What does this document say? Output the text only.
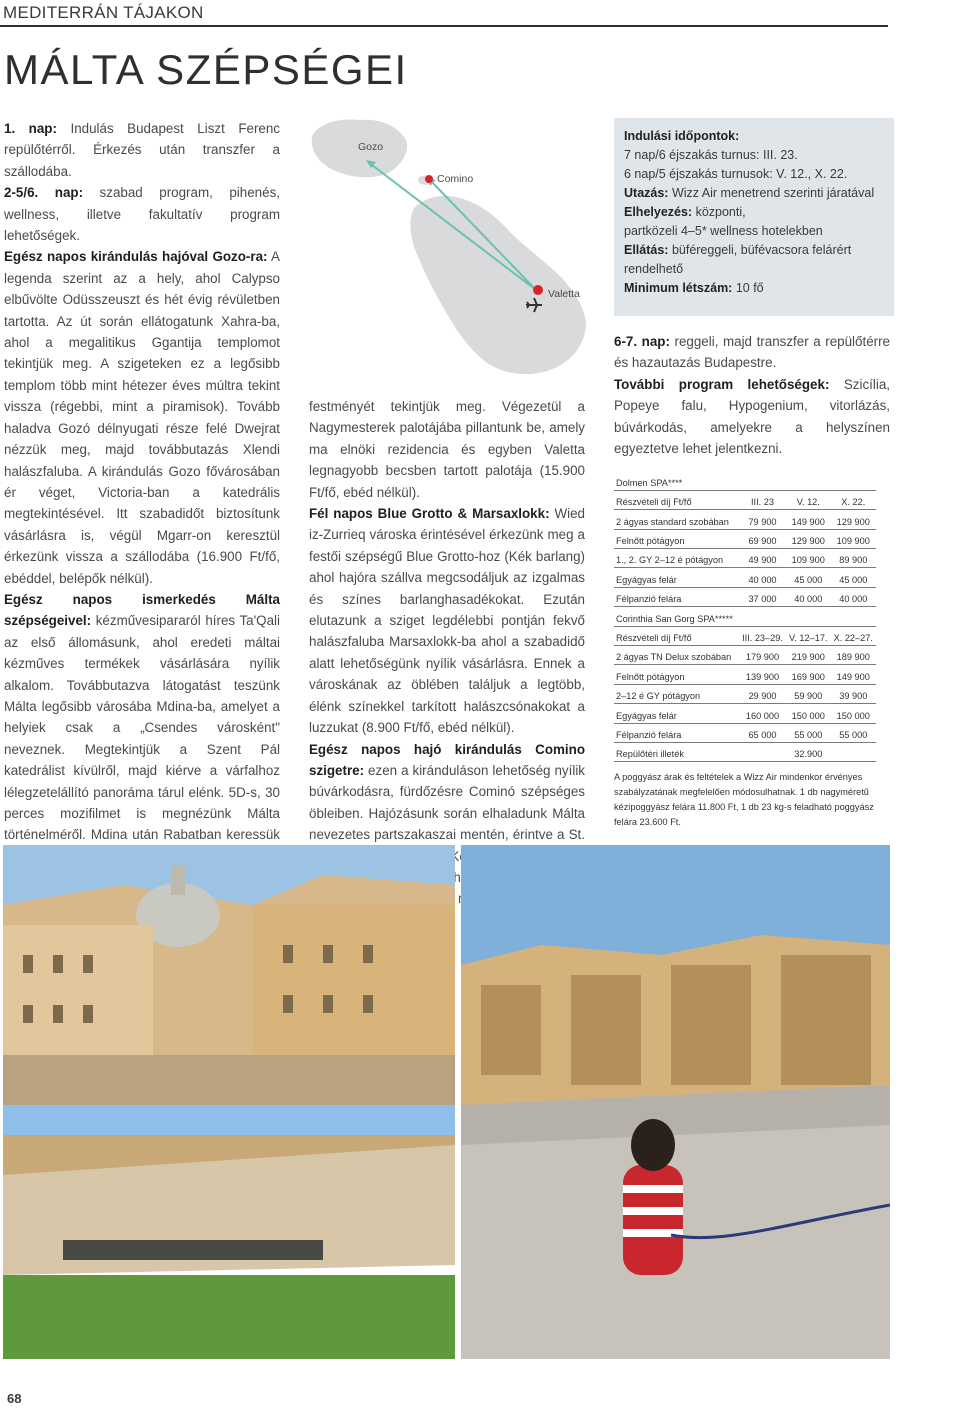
MEDITERRÁN TÁJAKON
MÁLTA SZÉPSÉGEI

1. nap: Indulás Budapest Liszt Ferenc repülőtérről. Érkezés után transzfer a szállodába.

2-5/6. nap: szabad program, pihenés, wellness, illetve fakultatív program lehetőségek.

Egész napos kirándulás hajóval Gozo-ra: A legenda szerint az a hely, ahol Calypso elbűvölte Odüsszeuszt és hét évig révületben tartotta. Az út során ellátogatunk Xahra-ba, ahol a megalitikus Ggantija templomot tekintjük meg. A szigeteken ez a legősibb templom több mint hétezer éves múltra tekint vissza (régebbi, mint a piramisok). Tovább haladva Gozó délnyugati része felé Dwejrat nézzük meg, majd továbbutazás Xlendi halászfaluba. A kirándulás Gozo fővárosában ér véget, Victoria-ban a katedrális megtekintésével. Itt szabadidőt biztosítunk vásárlásra is, végül Mgarr-on keresztül érkezünk vissza a szállodába (16.900 Ft/fő, ebéddel, belépők nélkül).

Egész napos ismerkedés Málta szépségeivel: kézművesipararól híres Ta'Qali az első állomásunk, ahol eredeti máltai kézműves termékek vásárlására nyílik alkalom. Továbbutazva látogatást teszünk Málta legősibb városába Mdina-ba, amelyet a helyiek csak a „Csendes városként" neveznek. Megtekintjük a Szent Pál katedrálist kívülről, majd kiérve a várfalhoz lélegzetelállító panoráma tárul elénk. 5D-s, 30 perces mozifilmet is megnézünk Málta történelméről. Mdina után Rabatban keressük

Gozo
Comino
Valetta

festményét tekintjük meg. Végezetül a Nagymesterek palotájába pillantunk be, amely ma elnöki rezidencia és egyben Valetta legnagyobb becsben tartott palotája (15.900 Ft/fő, ebéd nélkül).

Fél napos Blue Grotto & Marsaxlokk: Wied iz-Zurrieq városka érintésével érkezünk meg a festői szépségű Blue Grotto-hoz (Kék barlang) ahol hajóra szállva megcsodáljuk az izgalmas és színes barlanghasadékokat. Ezután elutazunk a sziget legdélebbi pontján fekvő halászfaluba Marsaxlokk-ba ahol a szabadidő alatt lehetőségünk nyílik vásárlásra. Ennek a városkának az öblében találjuk a legtöbb, élénk színekkel tarkított halászcsónakokat a luzzukat (8.900 Ft/fő, ebéd nélkül).

Egész napos hajó kirándulás Comino szigetre: ezen a kiránduláson lehetőség nyílik búvárkodásra, fürdőzésre Cominó szépséges öbleiben. Hajózásunk során elhaladunk Málta nevezetes partszakaszai mentén, érintve a St.

Indulási időpontok:
7 nap/6 éjszakás turnus: III. 23.
6 nap/5 éjszakás turnusok: V. 12., X. 22.
Utazás: Wizz Air menetrend szerinti járatával
Elhelyezés: központi,
partközeli 4–5* wellness hotelekben
Ellátás: büféreggeli, büfévacsora felárért
rendelhető
Minimum létszám: 10 fő

6-7. nap: reggeli, majd transzfer a repülőtérre és hazautazás Budapestre.

További program lehetőségek: Szicília, Popeye falu, Hypogenium, vitorlázás, búvárkodás, amelyekre a helyszínen egyeztetve lehet jelentkezni.

Dolmen SPA****			
Részvételi díj Ft/fő	III. 23	V. 12.	X. 22.
2 ágyas standard szobában	79 900	149 900	129 900
Felnőtt pótágyon	69 900	129 900	109 900
1., 2. GY 2–12 é pótágyon	49 900	109 900	89 900
Egyágyas felár	40 000	45 000	45 000
Félpanzió felára	37 000	40 000	40 000
Corinthia San Gorg SPA*****			
Részvételi díj Ft/fő	III. 23–29.	V. 12–17.	X. 22–27.
2 ágyas TN Delux szobában	179 900	219 900	189 900
Felnőtt pótágyon	139 900	169 900	149 900
2–12 é GY pótágyon	29 900	59 900	39 900
Egyágyas felár	160 000	150 000	150 000
Félpanzió felára	65 000	55 000	55 000
Repülőtéri illeték		32.900	
A poggyász árak és feltételek a Wizz Air mindenkor érvényes szabályzatának megfelelően módosulhatnak. 1 db nagyméretű kézipoggyász felára 11.800 Ft, 1 db 23 kg-s feladható poggyász felára 23.600 Ft.
68
